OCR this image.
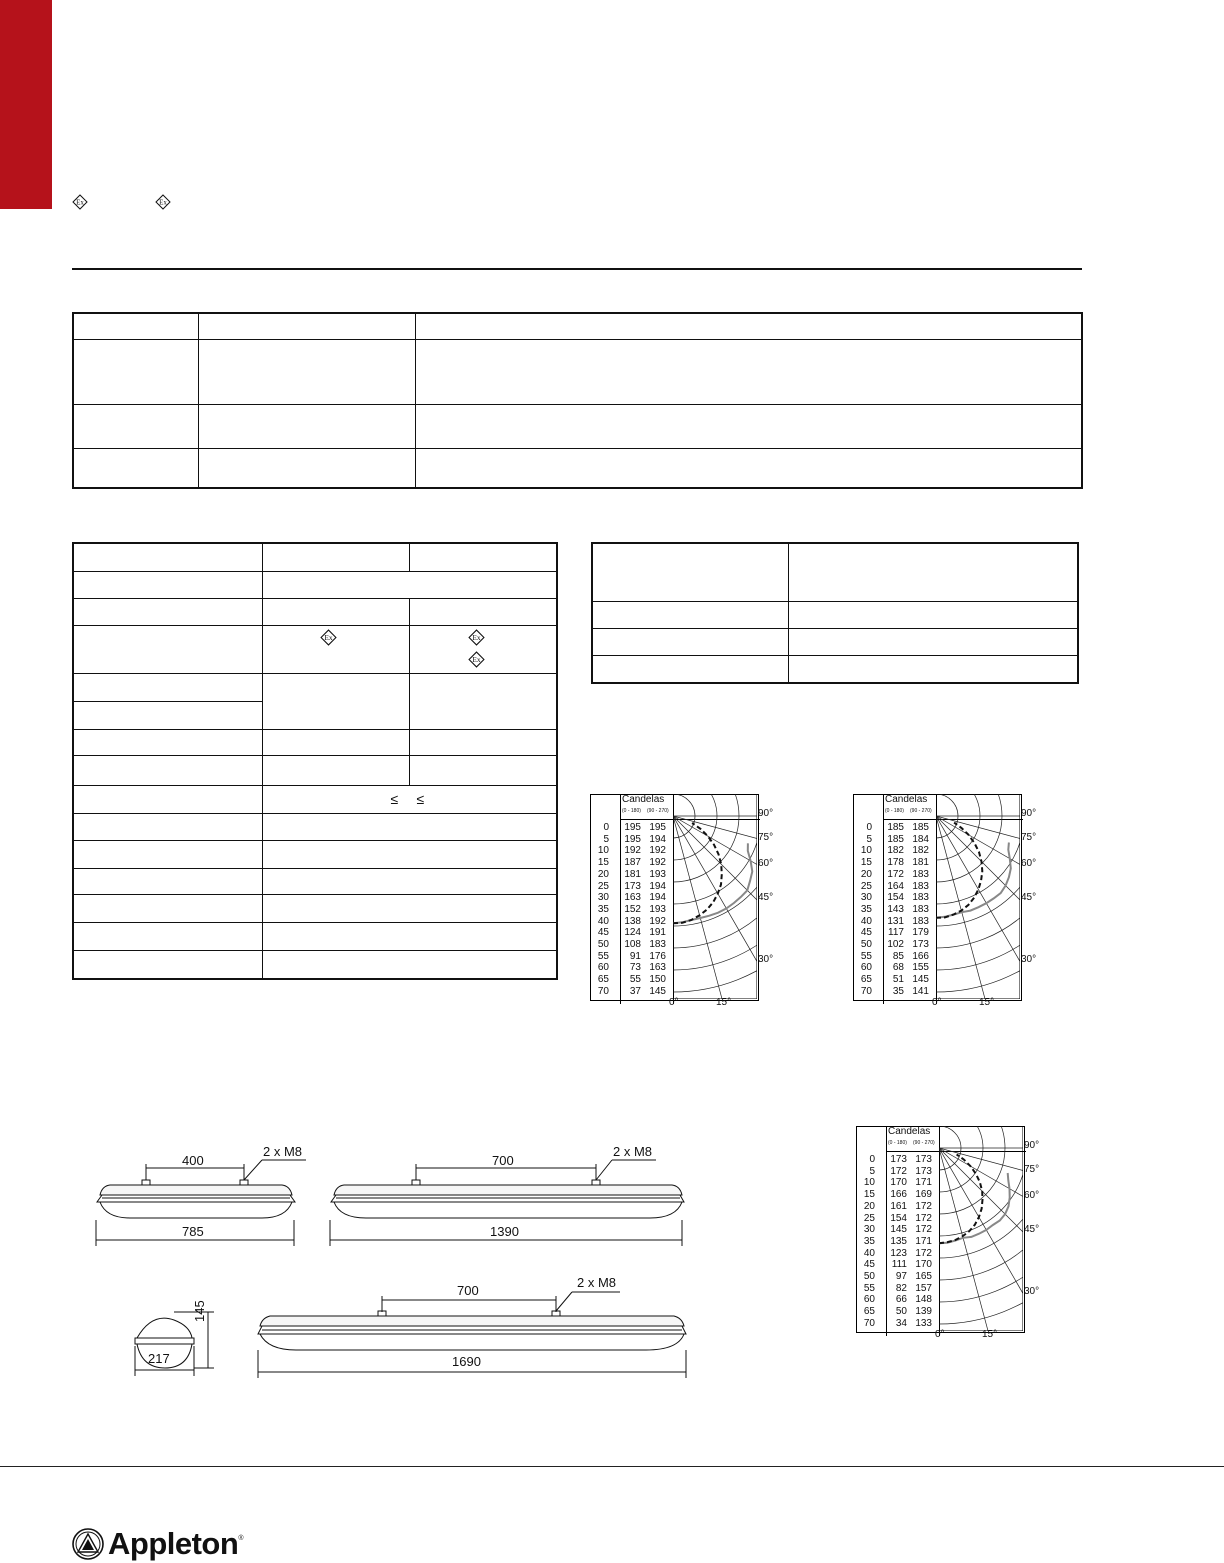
Ex	Ex

Ex	Ex
Ex

	≤ ≤	

		Candelas
(0 - 180) (90 - 270)
0	195 195
5	195 194
10	192 192
15	187 192
20	181 193
25	173 194
30	163 194
35	152 193
40	138 192
45	124 191
50	108 183
55	91 176
60	73 163
65	55 150
70	37 145
90°
75°
60°
45°
30°
0°	15°
Candelas
(0 - 180) (90 - 270)
0	185 185
5	185 184
10	182 182
15	178 181
20	172 183
25	164 183
30	154 183
35	143 183
40	131 183
45	117 179
50	102 173
55	85 166
60	68 155
65	51 145
70	35 141
90°
75°
60°
45°
30°
0°	15°
Candelas
(0 - 180) (90 - 270)
0	173 173
5	172 173
10	170 171
15	166 169
20	161 172
25	154 172
30	145 172
35	135 171
40	123 172
45	111 170
50	97 165
55	82 157
60	66 148
65	50 139
70	34 133
90°
75°
60°
45°
30°
0°	15°
400
2 x M8
700
2 x M8
785	1390
700
2 x M8
217
145
1690
Appleton ®
